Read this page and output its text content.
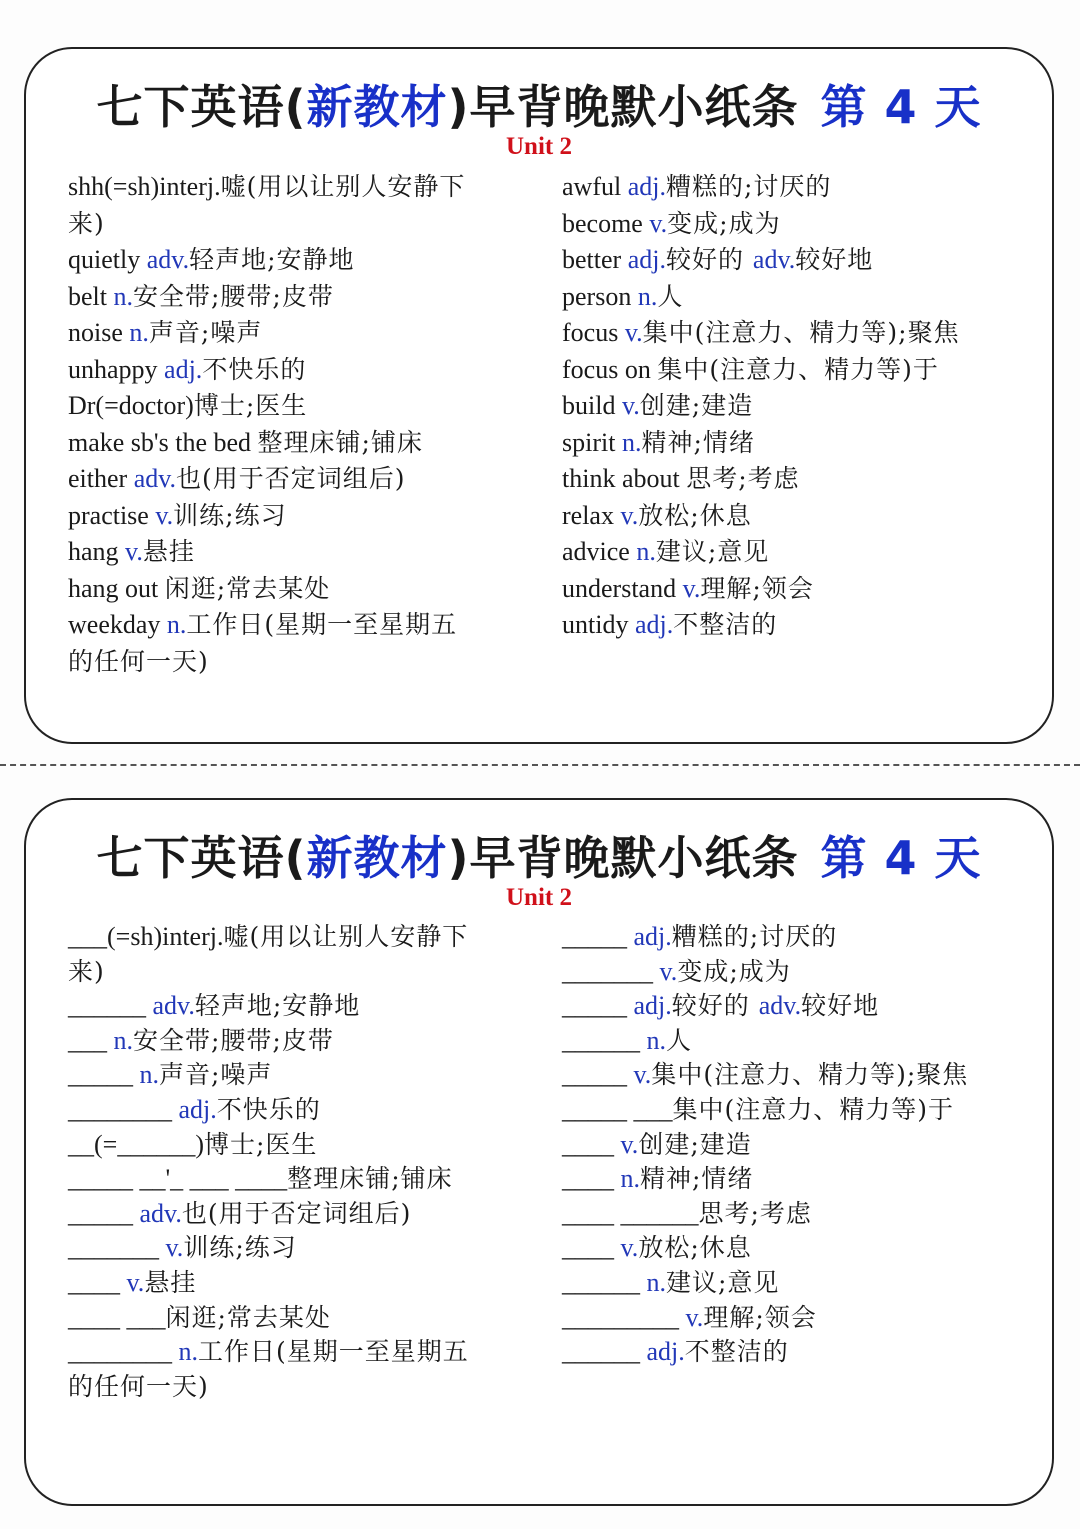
七下英语(新教材)早背晚默小纸条 第 4 天
Unit 2
shh(=sh)interj.嘘(用以让别人安静下
来)
quietly adv.轻声地;安静地
belt n.安全带;腰带;皮带
noise n.声音;噪声
unhappy adj.不快乐的
Dr(=doctor)博士;医生
make sb's the bed 整理床铺;铺床
either adv.也(用于否定词组后)
practise v.训练;练习
hang v.悬挂
hang out 闲逛;常去某处
weekday n.工作日(星期一至星期五
的任何一天)
awful adj.糟糕的;讨厌的
become v.变成;成为
better adj.较好的 adv.较好地
person n.人
focus v.集中(注意力、精力等);聚焦
focus on 集中(注意力、精力等)于
build v.创建;建造
spirit n.精神;情绪
think about 思考;考虑
relax v.放松;休息
advice n.建议;意见
understand v.理解;领会
untidy adj.不整洁的
七下英语(新教材)早背晚默小纸条 第 4 天
Unit 2
___(=sh)interj.嘘(用以让别人安静下
来)
______ adv.轻声地;安静地
___ n.安全带;腰带;皮带
_____ n.声音;噪声
________ adj.不快乐的
__(=______)博士;医生
_____ __'_ ___ ____整理床铺;铺床
_____ adv.也(用于否定词组后)
_______ v.训练;练习
____ v.悬挂
____ ___闲逛;常去某处
________ n.工作日(星期一至星期五
的任何一天)
_____ adj.糟糕的;讨厌的
_______ v.变成;成为
_____ adj.较好的 adv.较好地
______ n.人
_____ v.集中(注意力、精力等);聚焦
_____ ___集中(注意力、精力等)于
____ v.创建;建造
____ n.精神;情绪
____ ______思考;考虑
____ v.放松;休息
______ n.建议;意见
_________ v.理解;领会
______ adj.不整洁的
